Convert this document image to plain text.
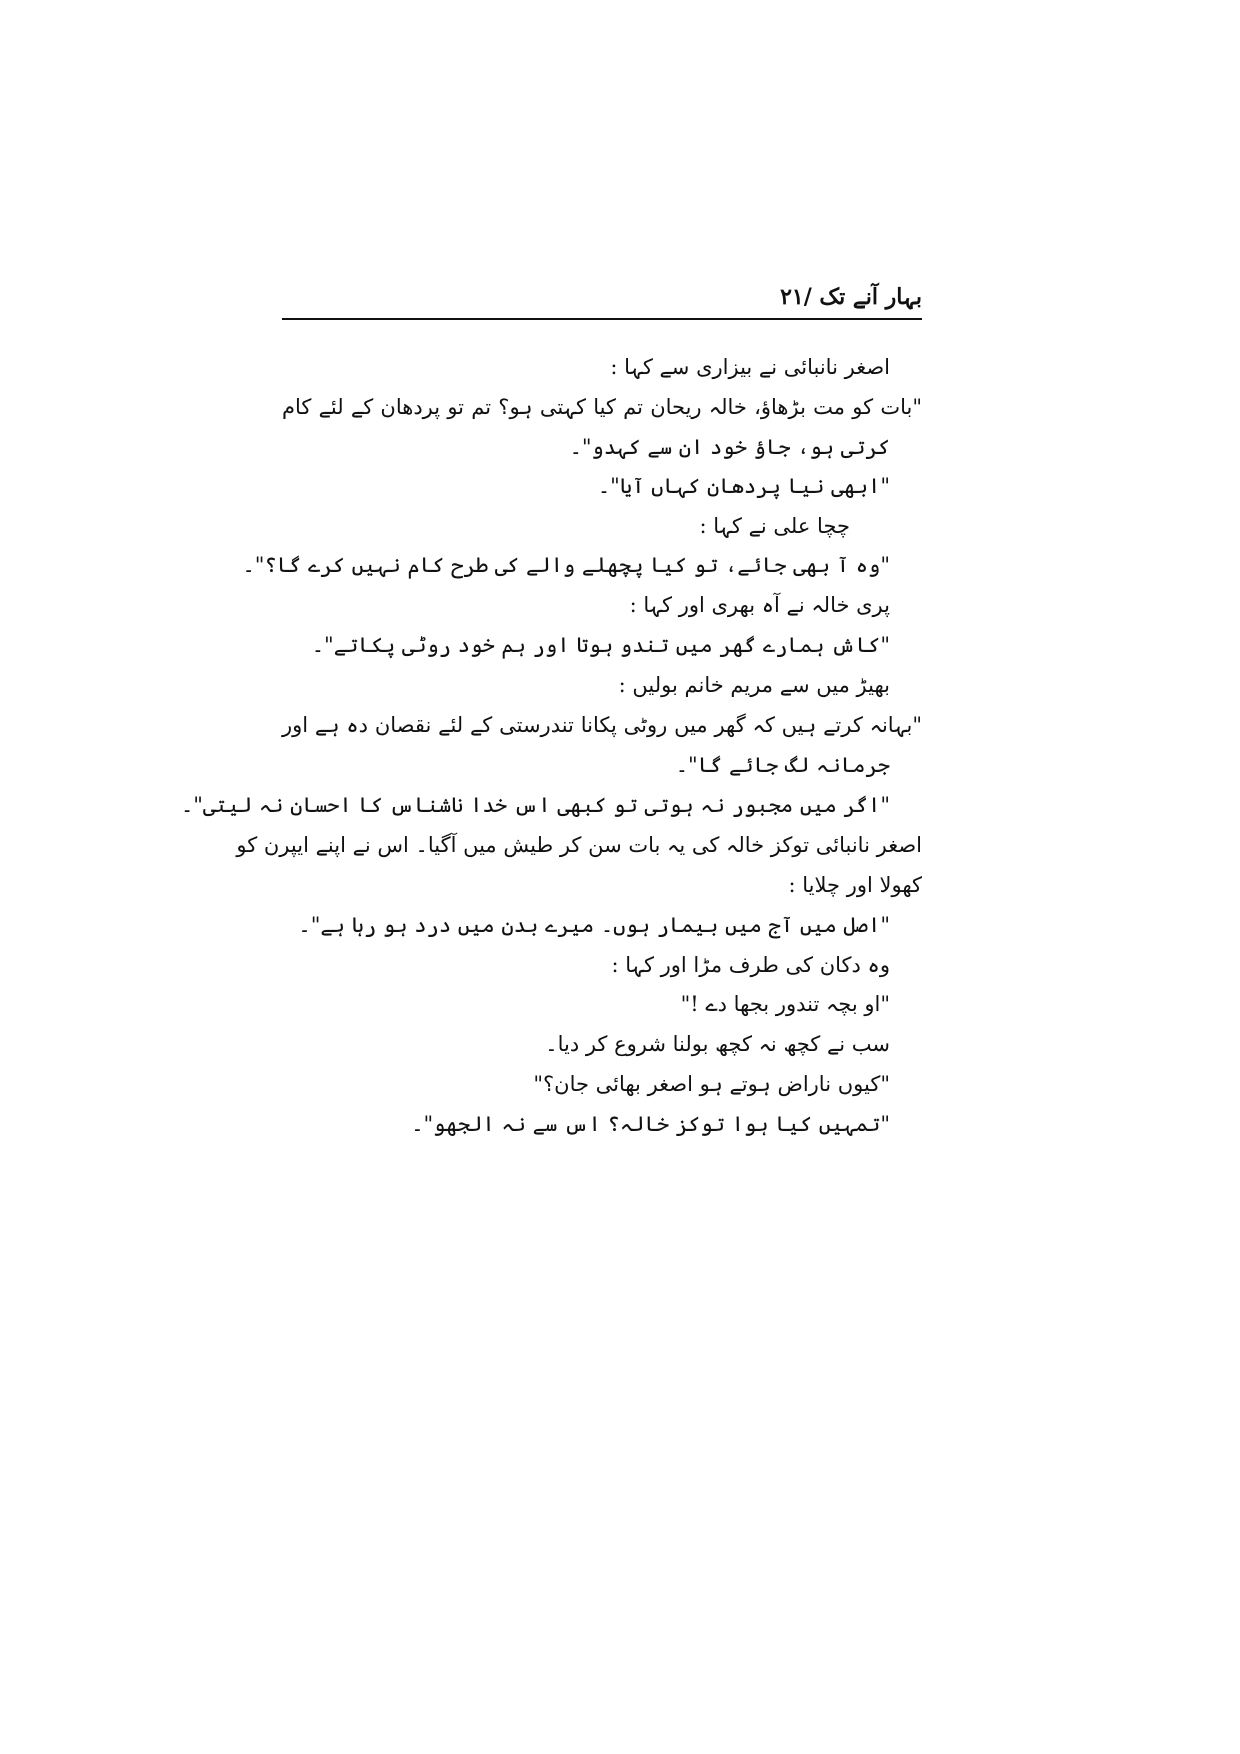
بہار آنے تک /۲۱
اصغر نانبائی نے بیزاری سے کہا :
"بات کو مت بڑھاؤ، خالہ ریحان تم کیا کہتی ہو؟ تم تو پردھان کے لئے کام
کرتی ہو، جاؤ خود ان سے کہدو"۔
"ابھی نیا پردھان کہاں آیا"۔
چچا علی نے کہا :
"وہ آ بھی جائے، تو کیا پچھلے والے کی طرح کام نہیں کرے گا؟"۔
پری خالہ نے آہ بھری اور کہا :
"کاش ہمارے گھر میں تندو ہوتا اور ہم خود روٹی پکاتے"۔
بھیڑ میں سے مریم خانم بولیں :
"بہانہ کرتے ہیں کہ گھر میں روٹی پکانا تندرستی کے لئے نقصان دہ ہے اور
جرمانہ لگ جائے گا"۔
"اگر میں مجبور نہ ہوتی تو کبھی اس خدا ناشناس کا احسان نہ لیتی"۔
اصغر نانبائی توکز خالہ کی یہ بات سن کر طیش میں آگیا۔ اس نے اپنے ایپرن کو
کھولا اور چلایا :
"اصل میں آج میں بیمار ہوں۔ میرے بدن میں درد ہو رہا ہے"۔
وہ دکان کی طرف مڑا اور کہا :
"او بچہ تندور بجھا دے !"
سب نے کچھ نہ کچھ بولنا شروع کر دیا۔
"کیوں ناراض ہوتے ہو اصغر بھائی جان؟"
"تمہیں کیا ہوا توکز خالہ؟ اس سے نہ الجھو"۔
